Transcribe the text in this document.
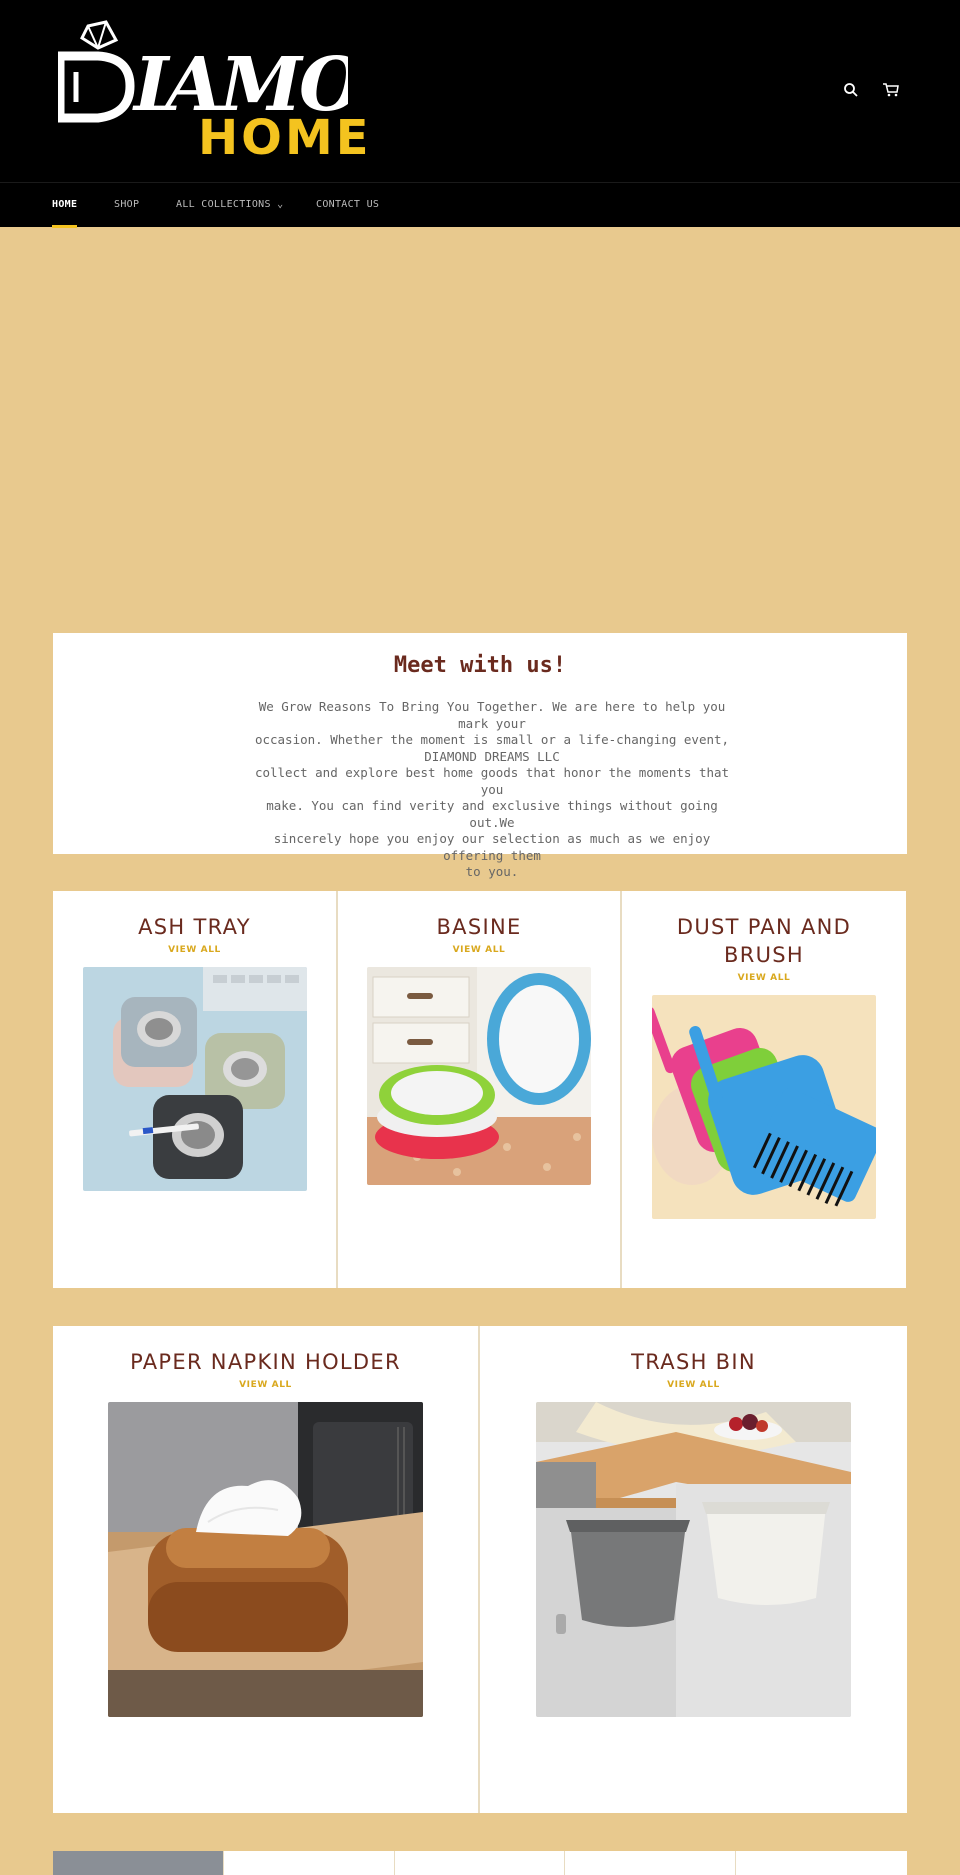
IAM
HOME
HOME	SHOP	ALL COLLECTIONS ⌄	CONTACT US
Meet with us!
We Grow Reasons To Bring You Together. We are here to help you mark your
occasion. Whether the moment is small or a life-changing event,
DIAMOND DREAMS LLC
collect and explore best home goods that honor the moments that you
make. You can find verity and exclusive things without going out.We
sincerely hope you enjoy our selection as much as we enjoy offering them
to you.
ASH TRAY
VIEW ALL
BASINE
VIEW ALL
DUST PAN AND BRUSH
VIEW ALL
PAPER NAPKIN HOLDER
VIEW ALL
TRASH BIN
VIEW ALL
